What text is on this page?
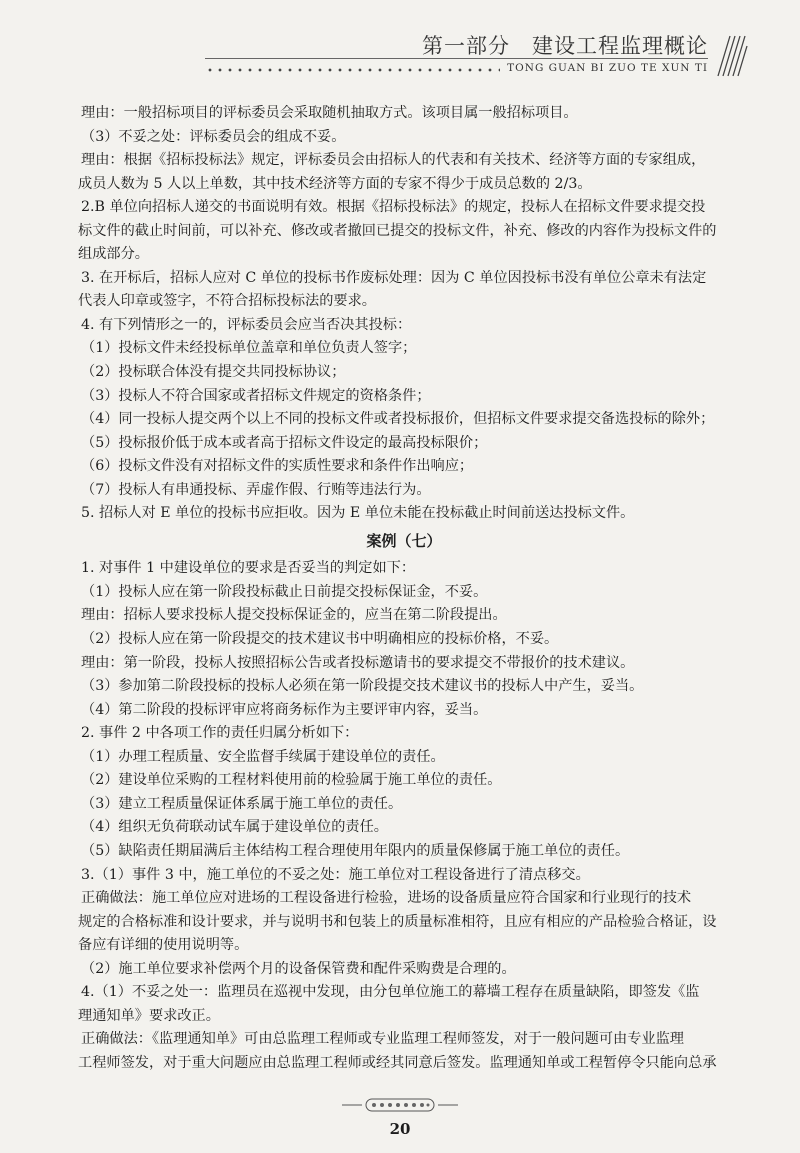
第一部分　建设工程监理概论
TONG GUAN BI ZUO TE XUN TI

理由：一般招标项目的评标委员会采取随机抽取方式。该项目属一般招标项目。

（3）不妥之处：评标委员会的组成不妥。

理由：根据《招标投标法》规定，评标委员会由招标人的代表和有关技术、经济等方面的专家组成，

成员人数为 5 人以上单数，其中技术经济等方面的专家不得少于成员总数的 2/3。

2.B 单位向招标人递交的书面说明有效。根据《招标投标法》的规定，投标人在招标文件要求提交投

标文件的截止时间前，可以补充、修改或者撤回已提交的投标文件，补充、修改的内容作为投标文件的

组成部分。

3. 在开标后，招标人应对 C 单位的投标书作废标处理：因为 C 单位因投标书没有单位公章未有法定

代表人印章或签字，不符合招标投标法的要求。

4. 有下列情形之一的，评标委员会应当否决其投标：

（1）投标文件未经投标单位盖章和单位负责人签字；

（2）投标联合体没有提交共同投标协议；

（3）投标人不符合国家或者招标文件规定的资格条件；

（4）同一投标人提交两个以上不同的投标文件或者投标报价，但招标文件要求提交备选投标的除外；

（5）投标报价低于成本或者高于招标文件设定的最高投标限价；

（6）投标文件没有对招标文件的实质性要求和条件作出响应；

（7）投标人有串通投标、弄虚作假、行贿等违法行为。

5. 招标人对 E 单位的投标书应拒收。因为 E 单位未能在投标截止时间前送达投标文件。

案例（七）

1. 对事件 1 中建设单位的要求是否妥当的判定如下：

（1）投标人应在第一阶段投标截止日前提交投标保证金，不妥。

理由：招标人要求投标人提交投标保证金的，应当在第二阶段提出。

（2）投标人应在第一阶段提交的技术建议书中明确相应的投标价格，不妥。

理由：第一阶段，投标人按照招标公告或者投标邀请书的要求提交不带报价的技术建议。

（3）参加第二阶段投标的投标人必须在第一阶段提交技术建议书的投标人中产生，妥当。

（4）第二阶段的投标评审应将商务标作为主要评审内容，妥当。

2. 事件 2 中各项工作的责任归属分析如下：

（1）办理工程质量、安全监督手续属于建设单位的责任。

（2）建设单位采购的工程材料使用前的检验属于施工单位的责任。

（3）建立工程质量保证体系属于施工单位的责任。

（4）组织无负荷联动试车属于建设单位的责任。

（5）缺陷责任期届满后主体结构工程合理使用年限内的质量保修属于施工单位的责任。

3.（1）事件 3 中，施工单位的不妥之处：施工单位对工程设备进行了清点移交。

正确做法：施工单位应对进场的工程设备进行检验，进场的设备质量应符合国家和行业现行的技术

规定的合格标准和设计要求，并与说明书和包装上的质量标准相符，且应有相应的产品检验合格证，设

备应有详细的使用说明等。

（2）施工单位要求补偿两个月的设备保管费和配件采购费是合理的。

4.（1）不妥之处一：监理员在巡视中发现，由分包单位施工的幕墙工程存在质量缺陷，即签发《监

理通知单》要求改正。

正确做法：《监理通知单》可由总监理工程师或专业监理工程师签发，对于一般问题可由专业监理

工程师签发，对于重大问题应由总监理工程师或经其同意后签发。监理通知单或工程暂停令只能向总承

20
